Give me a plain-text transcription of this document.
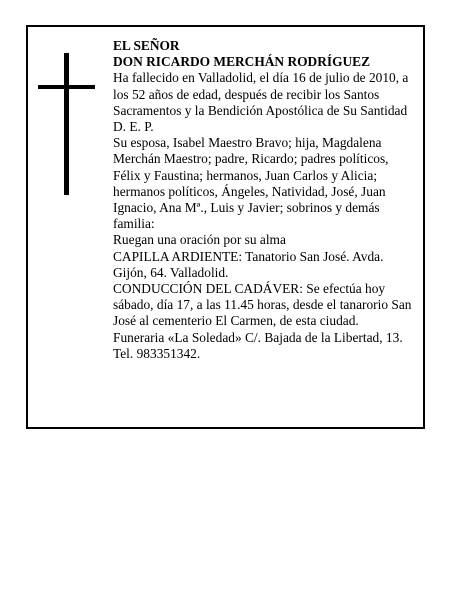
EL SEÑOR

DON RICARDO MERCHÁN RODRÍGUEZ

Ha fallecido en Valladolid, el día 16 de julio de 2010, a los 52 años de edad, después de recibir los Santos Sacramentos y la Bendición Apostólica de Su Santidad D. E. P.

Su esposa, Isabel Maestro Bravo; hija, Magdalena Merchán Maestro; padre, Ricardo; padres políticos, Félix y Faustina; hermanos, Juan Carlos y Alicia; hermanos políticos, Ángeles, Natividad, José, Juan Ignacio, Ana Mª., Luis y Javier; sobrinos y demás familia:

Ruegan una oración por su alma

CAPILLA ARDIENTE: Tanatorio San José. Avda. Gijón, 64. Valladolid.

CONDUCCIÓN DEL CADÁVER: Se efectúa hoy sábado, día 17, a las 11.45 horas, desde el tanarorio San José al cementerio El Carmen, de esta ciudad.

Funeraria «La Soledad» C/. Bajada de la Libertad, 13. Tel. 983351342.
